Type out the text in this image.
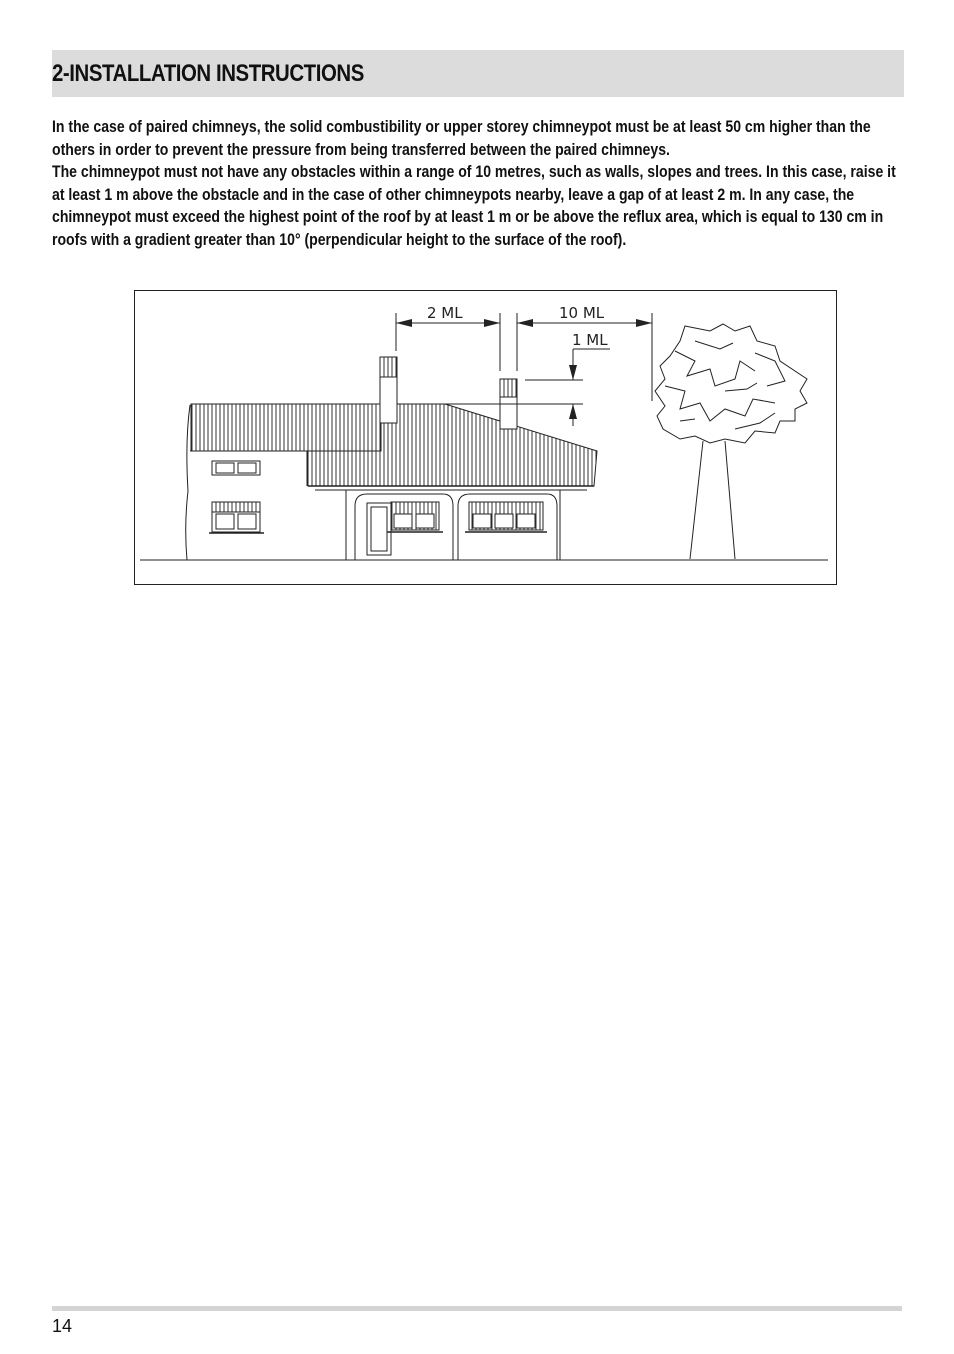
2-INSTALLATION INSTRUCTIONS

In the case of paired chimneys, the solid combustibility or upper storey chimneypot must be at least 50 cm higher than the others in order to prevent the pressure from being transferred between the paired chimneys.

The chimneypot must not have any obstacles within a range of 10 metres, such as walls, slopes and trees. In this case, raise it at least 1 m above the obstacle and in the case of other chimneypots nearby, leave a gap of at least 2 m. In any case, the chimneypot must exceed the highest point of the roof by at least 1 m or be above the reflux area, which is equal to 130 cm in roofs with a gradient greater than 10° (perpendicular height to the surface of the roof).

2 ML	10 ML
1 ML
14
